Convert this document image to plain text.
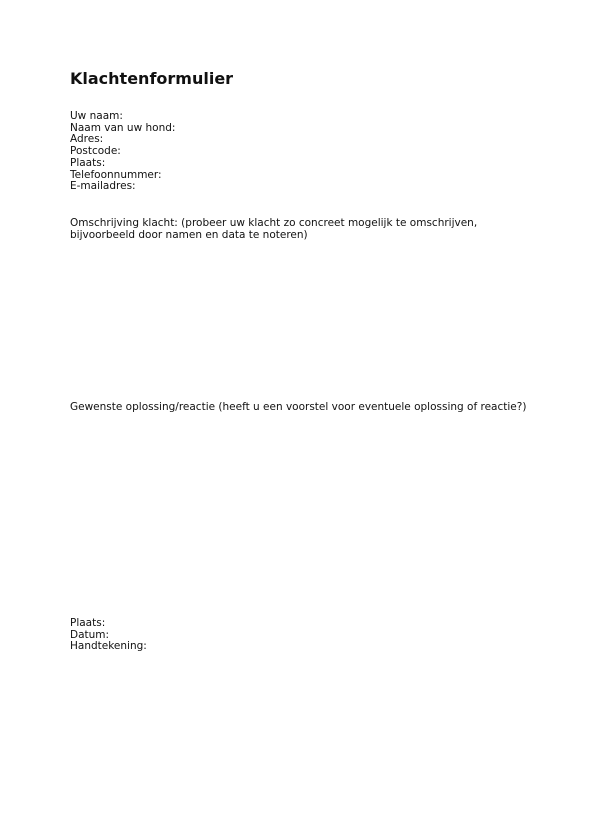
Klachtenformulier
Uw naam:
Naam van uw hond:
Adres:
Postcode:
Plaats:
Telefoonnummer:
E-mailadres:

Omschrijving klacht: (probeer uw klacht zo concreet mogelijk te omschrijven,

bijvoorbeeld door namen en data te noteren)

Gewenste oplossing/reactie (heeft u een voorstel voor eventuele oplossing of reactie?)

Plaats:
Datum:
Handtekening:
